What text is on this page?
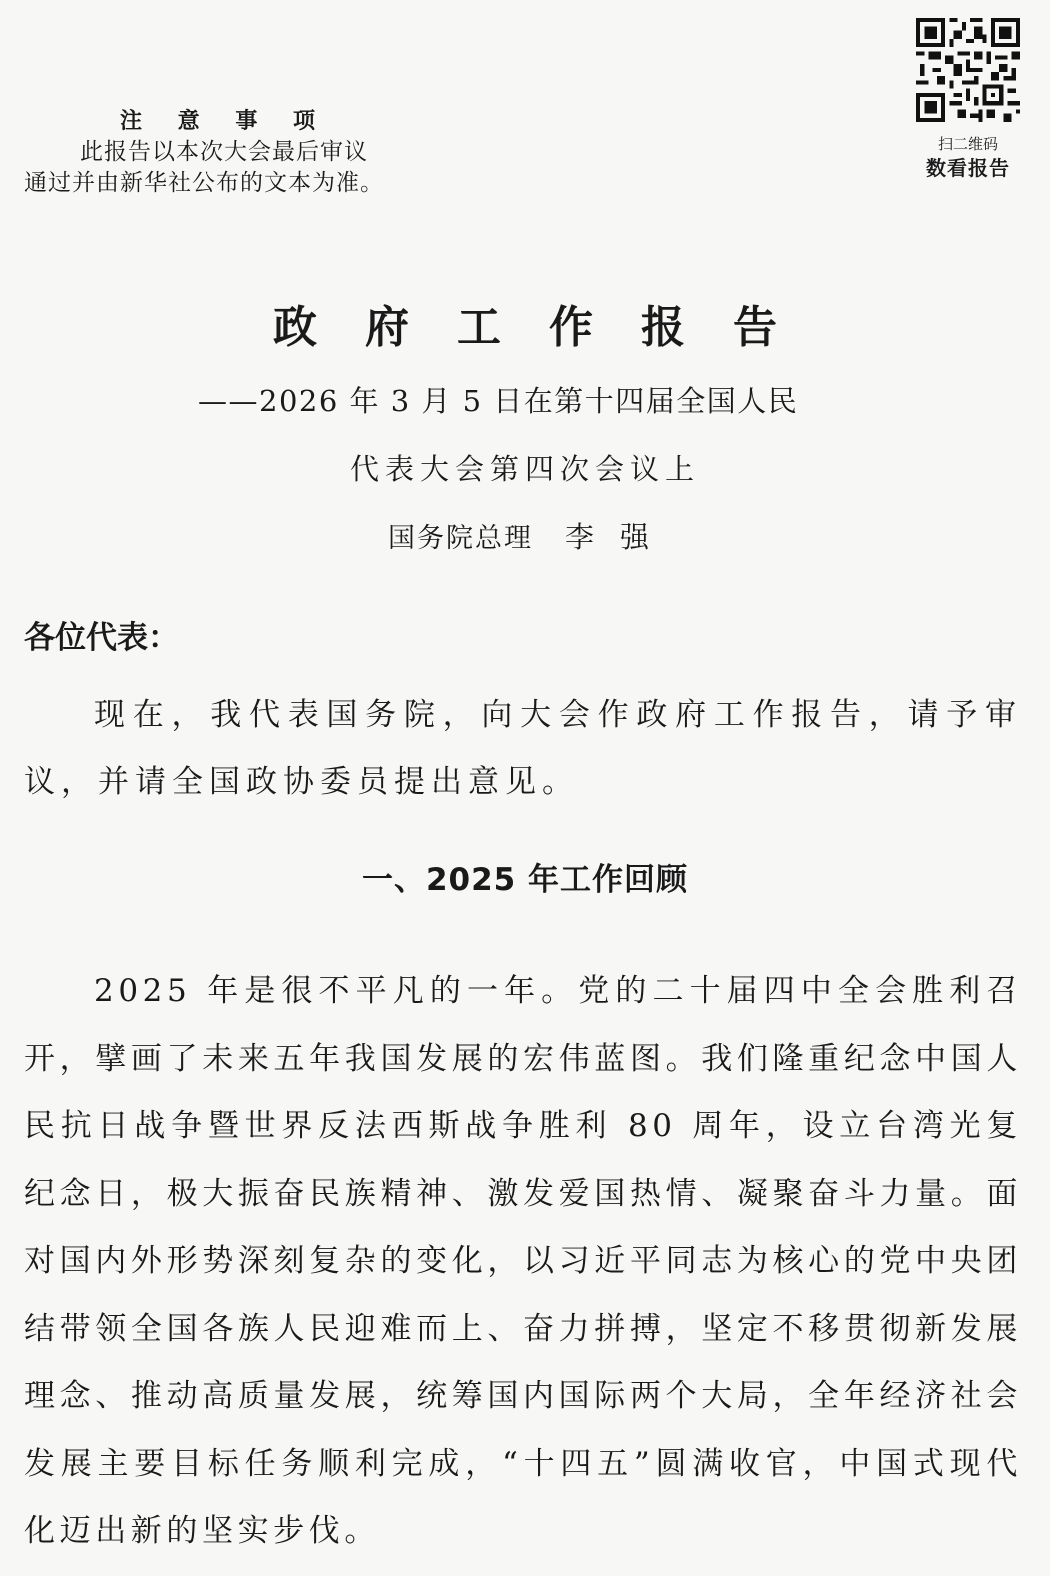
注 意 事 项
此报告以本次大会最后审议
通过并由新华社公布的文本为准。
扫二维码
数看报告
政府工作报告
——2026 年 3 月 5 日在第十四届全国人民
代表大会第四次会议上
国务院总理 李强
各位代表：
现在，我代表国务院，向大会作政府工作报告，请予审议，并请全国政协委员提出意见。
一、2025 年工作回顾
2025 年是很不平凡的一年。党的二十届四中全会胜利召开，擘画了未来五年我国发展的宏伟蓝图。我们隆重纪念中国人民抗日战争暨世界反法西斯战争胜利 80 周年，设立台湾光复纪念日，极大振奋民族精神、激发爱国热情、凝聚奋斗力量。面对国内外形势深刻复杂的变化，以习近平同志为核心的党中央团结带领全国各族人民迎难而上、奋力拼搏，坚定不移贯彻新发展理念、推动高质量发展，统筹国内国际两个大局，全年经济社会发展主要目标任务顺利完成，“十四五”圆满收官，中国式现代化迈出新的坚实步伐。
